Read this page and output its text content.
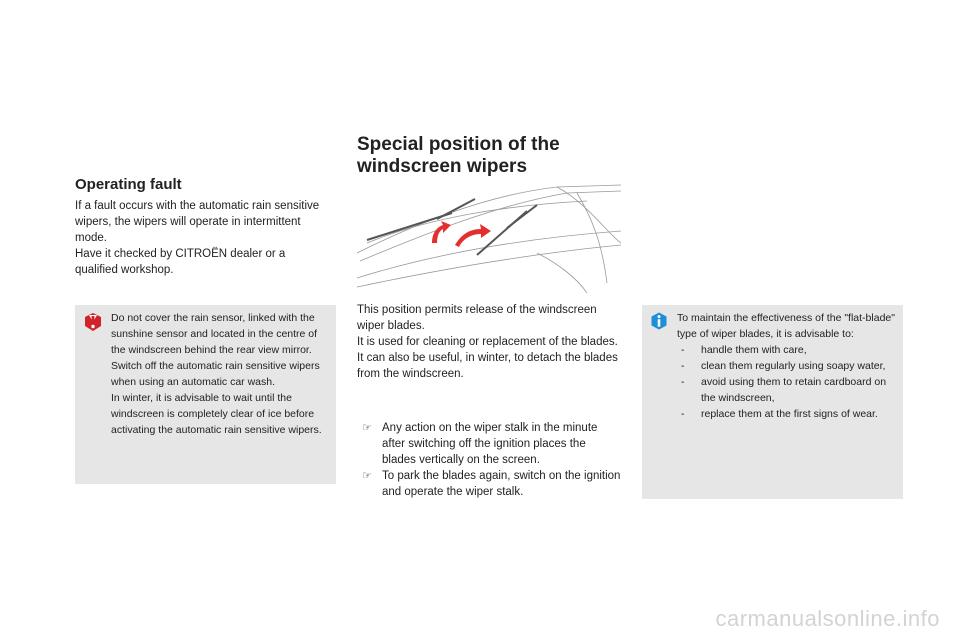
Special position of the
windscreen wipers
Operating fault

If a fault occurs with the automatic rain sensitive wipers, the wipers will operate in intermittent mode.

Have it checked by CITROËN dealer or a qualified workshop.

Do not cover the rain sensor, linked with the sunshine sensor and located in the centre of the windscreen behind the rear view mirror.

Switch off the automatic rain sensitive wipers when using an automatic car wash.

In winter, it is advisable to wait until the windscreen is completely clear of ice before activating the automatic rain sensitive wipers.

This position permits release of the windscreen wiper blades.

It is used for cleaning or replacement of the blades. It can also be useful, in winter, to detach the blades from the windscreen.

☞ Any action on the wiper stalk in the minute after switching off the ignition places the blades vertically on the screen.
☞ To park the blades again, switch on the ignition and operate the wiper stalk.

To maintain the effectiveness of the "flat-blade" type of wiper blades, it is advisable to:

- handle them with care,
- clean them regularly using soapy water,
- avoid using them to retain cardboard on the windscreen,
- replace them at the first signs of wear.
carmanualsonline.info
